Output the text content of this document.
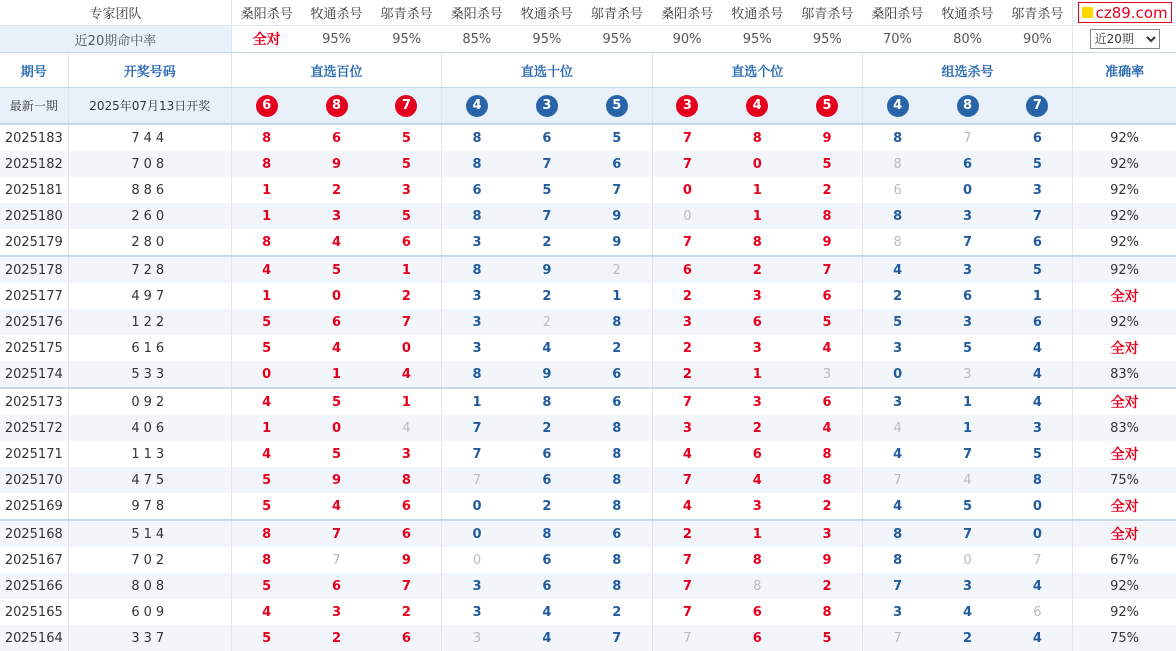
专家团队		桑阳杀号	牧通杀号	邬青杀号	桑阳杀号	牧通杀号	邬青杀号	桑阳杀号	牧通杀号	邬青杀号	桑阳杀号	牧通杀号	邬青杀号	cz89.com

近20期命中率		全对	95%	95%	85%	95%	95%	90%	95%	95%	70%	80%	90%	
近20期
期号	开奖号码	直选百位			直选十位			直选个位			组选杀号			准确率
最新一期	2025年07月13日开奖	6	8	7	4	3	5	3	4	5	4	8	7	
2025183	744	8	6	5	8	6	5	7	8	9	8	7	6	92%
2025182	708	8	9	5	8	7	6	7	0	5	8	6	5	92%
2025181	886	1	2	3	6	5	7	0	1	2	6	0	3	92%
2025180	260	1	3	5	8	7	9	0	1	8	8	3	7	92%
2025179	280	8	4	6	3	2	9	7	8	9	8	7	6	92%
2025178	728	4	5	1	8	9	2	6	2	7	4	3	5	92%
2025177	497	1	0	2	3	2	1	2	3	6	2	6	1	全对
2025176	122	5	6	7	3	2	8	3	6	5	5	3	6	92%
2025175	616	5	4	0	3	4	2	2	3	4	3	5	4	全对
2025174	533	0	1	4	8	9	6	2	1	3	0	3	4	83%
2025173	092	4	5	1	1	8	6	7	3	6	3	1	4	全对
2025172	406	1	0	4	7	2	8	3	2	4	4	1	3	83%
2025171	113	4	5	3	7	6	8	4	6	8	4	7	5	全对
2025170	475	5	9	8	7	6	8	7	4	8	7	4	8	75%
2025169	978	5	4	6	0	2	8	4	3	2	4	5	0	全对
2025168	514	8	7	6	0	8	6	2	1	3	8	7	0	全对
2025167	702	8	7	9	0	6	8	7	8	9	8	0	7	67%
2025166	808	5	6	7	3	6	8	7	8	2	7	3	4	92%
2025165	609	4	3	2	3	4	2	7	6	8	3	4	6	92%
2025164	337	5	2	6	3	4	7	7	6	5	7	2	4	75%
